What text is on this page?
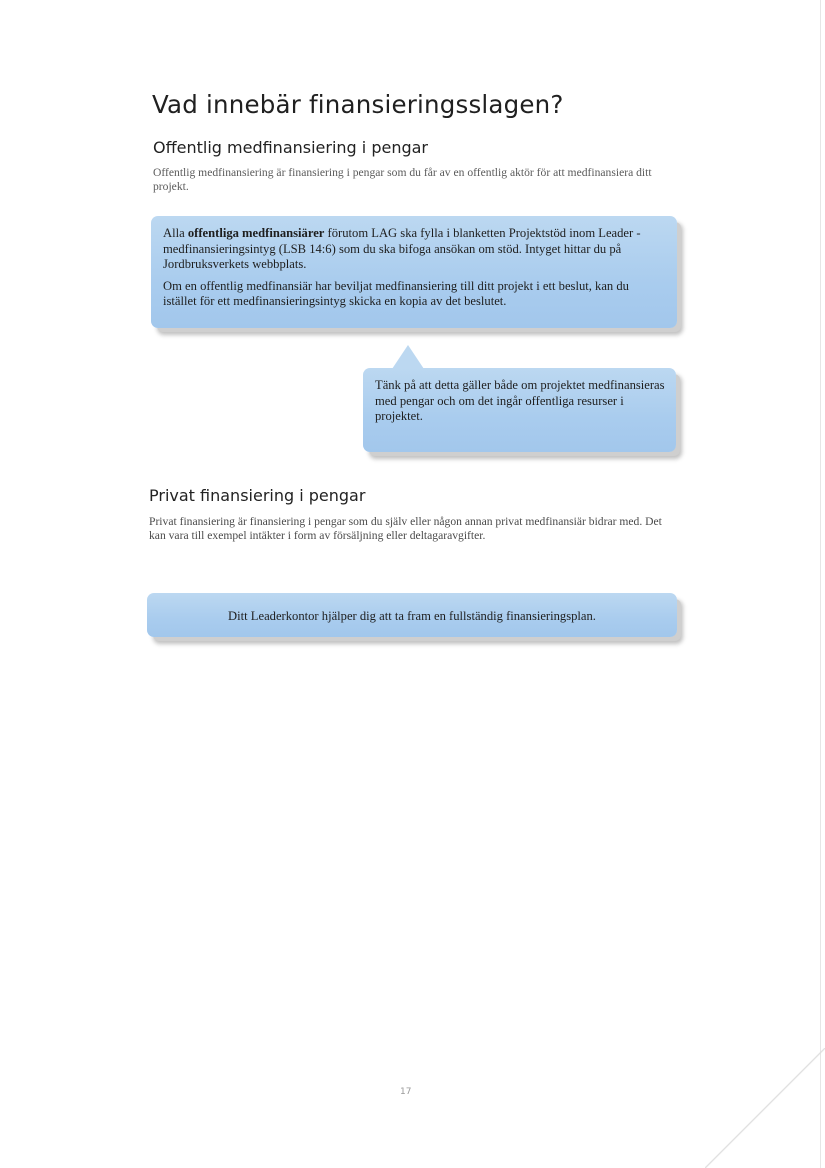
Vad innebär finansieringsslagen?
Offentlig medfinansiering i pengar

Offentlig medfinansiering är finansiering i pengar som du får av en offentlig aktör för att medfinansiera ditt projekt.

Alla offentliga medfinansiärer förutom LAG ska fylla i blanketten Projektstöd inom Leader - medfinansieringsintyg (LSB 14:6) som du ska bifoga ansökan om stöd. Intyget hittar du på Jordbruksverkets webbplats.

Om en offentlig medfinansiär har beviljat medfinansiering till ditt projekt i ett beslut, kan du istället för ett medfinansieringsintyg skicka en kopia av det beslutet.

Tänk på att detta gäller både om projektet medfinansieras med pengar och om det ingår offentliga resurser i projektet.

Privat finansiering i pengar

Privat finansiering är finansiering i pengar som du själv eller någon annan privat medfinansiär bidrar med. Det kan vara till exempel intäkter i form av försäljning eller deltagaravgifter.

Ditt Leaderkontor hjälper dig att ta fram en fullständig finansieringsplan.

17
